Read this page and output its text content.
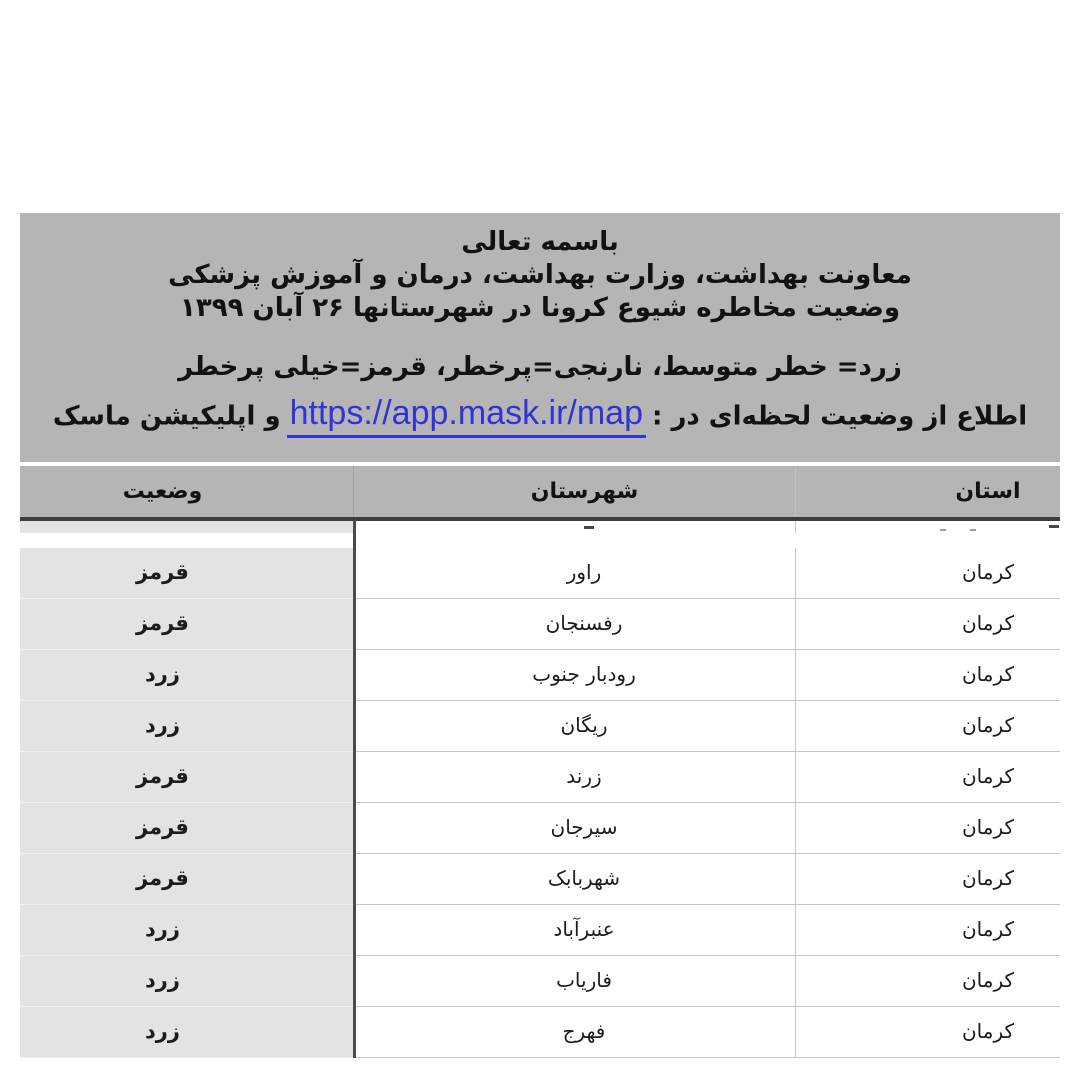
باسمه تعالی
معاونت بهداشت، وزارت بهداشت، درمان و آموزش پزشکی
وضعیت مخاطره شیوع کرونا در شهرستانها ۲۶ آبان ۱۳۹۹
زرد= خطر متوسط، نارنجی=پرخطر، قرمز=خیلی پرخطر
اطلاع از وضعیت لحظه‌ای در :https://app.mask.ir/mapو اپلیکیشن ماسک
وضعیت	شهرستان	استان
قرمز	راور	کرمان
قرمز	رفسنجان	کرمان
زرد	رودبار جنوب	کرمان
زرد	ریگان	کرمان
قرمز	زرند	کرمان
قرمز	سیرجان	کرمان
قرمز	شهربابک	کرمان
زرد	عنبرآباد	کرمان
زرد	فاریاب	کرمان
زرد	فهرج	کرمان
